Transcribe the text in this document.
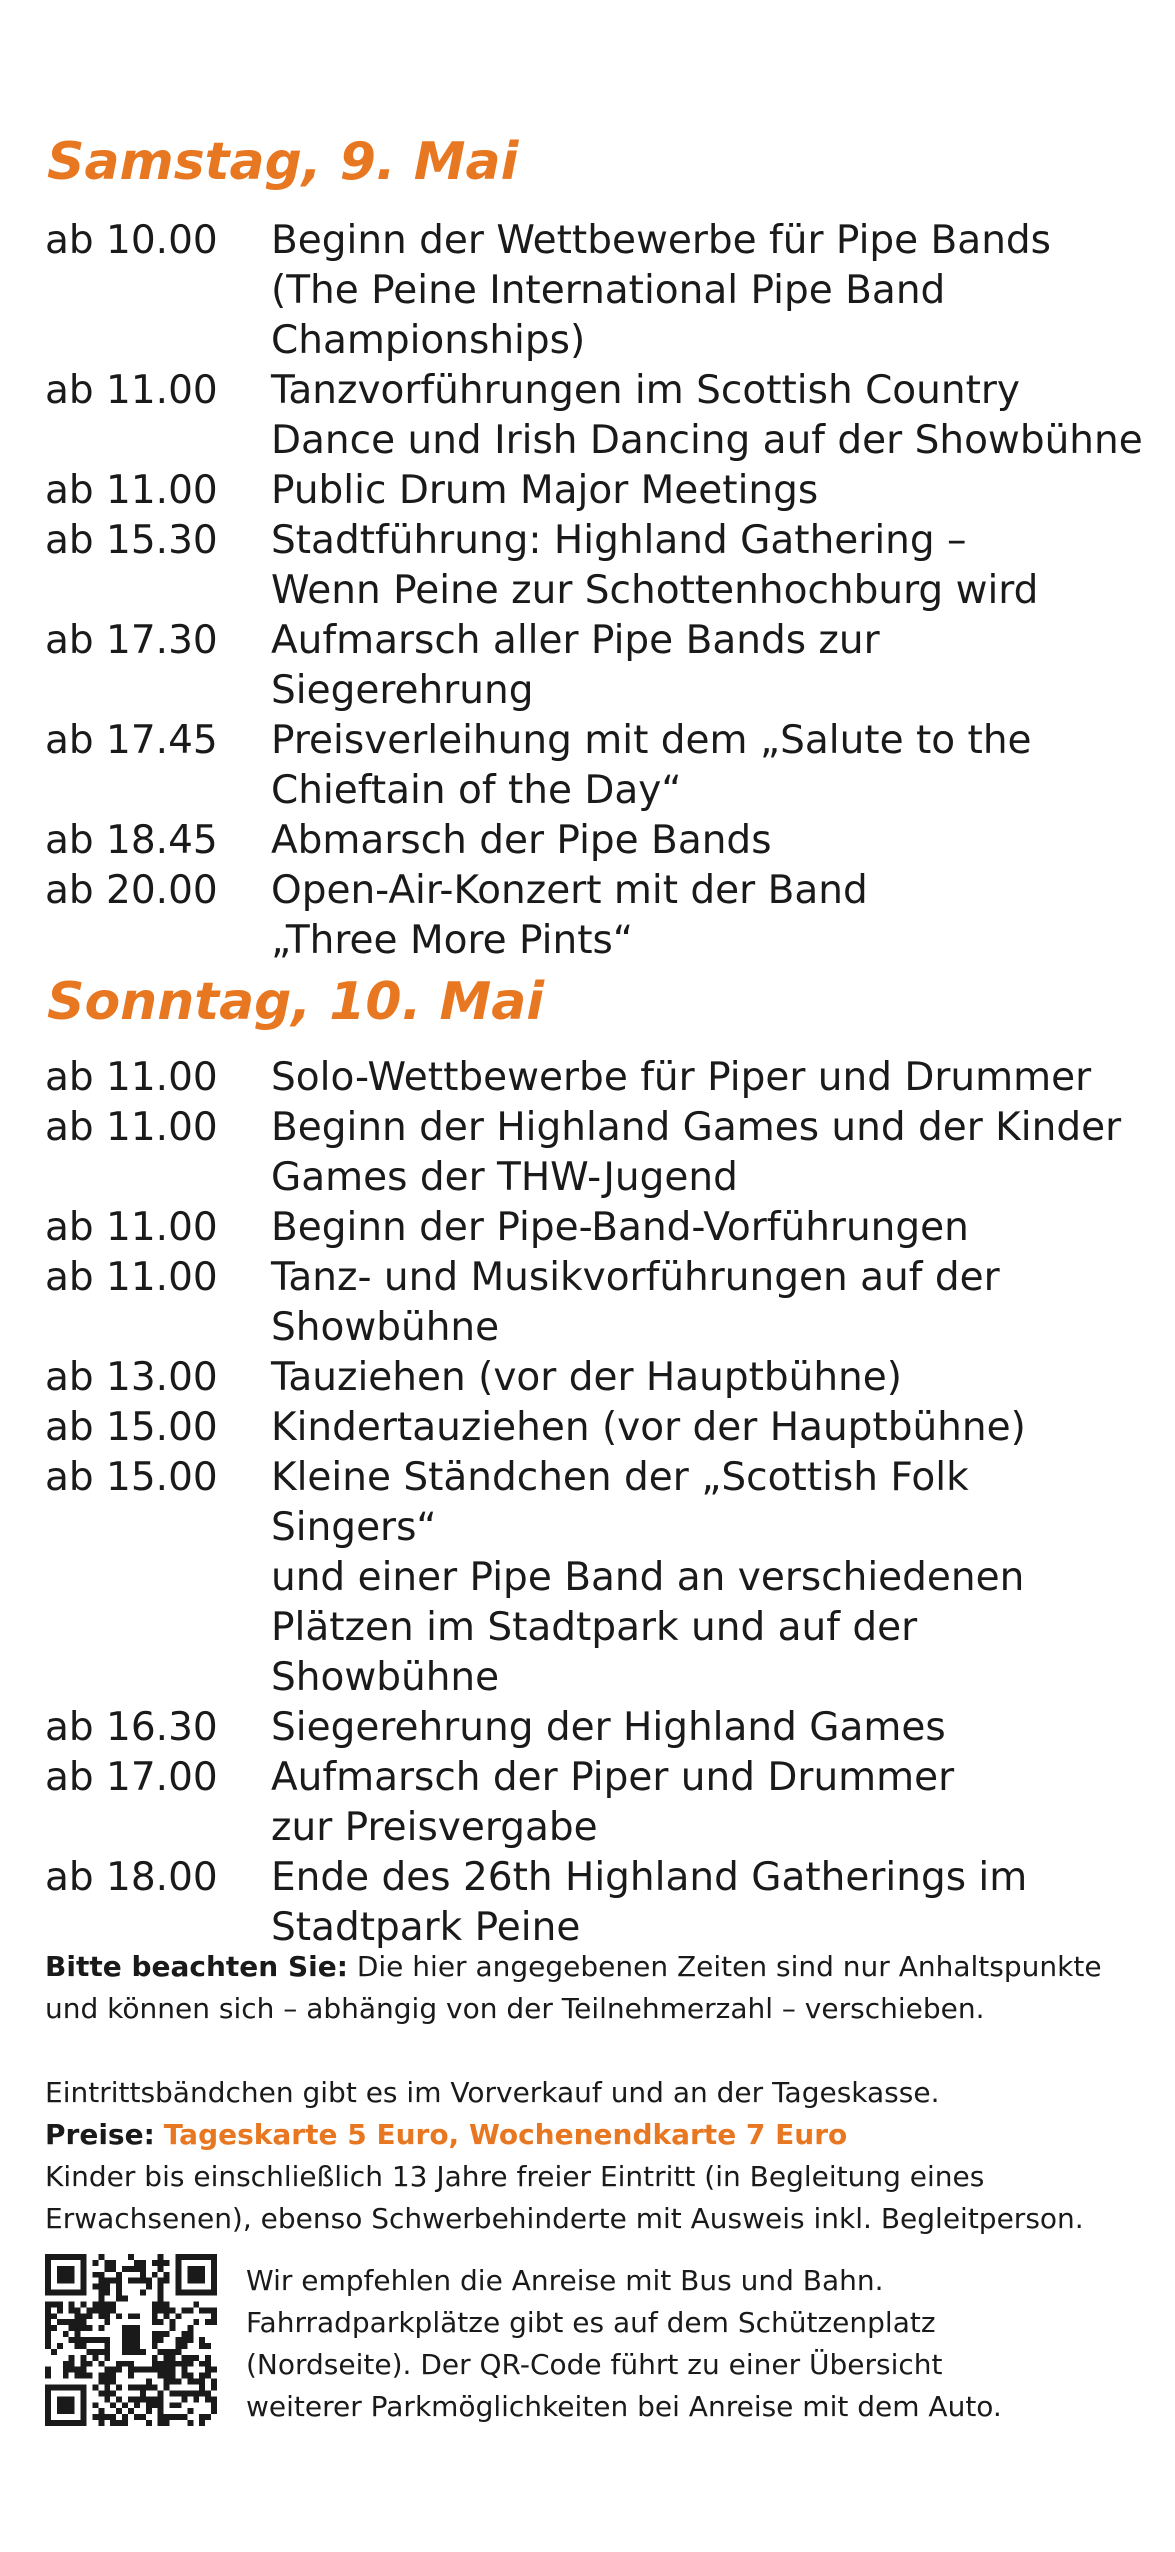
Samstag, 9. Mai
ab 10.00	Beginn der Wettbewerbe für Pipe Bands
(The Peine International Pipe Band
Championships)
ab 11.00	Tanzvorführungen im Scottish Country
Dance und Irish Dancing auf der Showbühne
ab 11.00	Public Drum Major Meetings
ab 15.30	Stadtführung: Highland Gathering –
Wenn Peine zur Schottenhochburg wird
ab 17.30	Aufmarsch aller Pipe Bands zur Siegerehrung
ab 17.45	Preisverleihung mit dem „Salute to the
Chieftain of the Day“
ab 18.45	Abmarsch der Pipe Bands
ab 20.00	Open-Air-Konzert mit der Band
„Three More Pints“
Sonntag, 10. Mai
ab 11.00	Solo-Wettbewerbe für Piper und Drummer
ab 11.00	Beginn der Highland Games und der Kinder
Games der THW-Jugend
ab 11.00	Beginn der Pipe-Band-Vorführungen
ab 11.00	Tanz- und Musikvorführungen auf der
Showbühne
ab 13.00	Tauziehen (vor der Hauptbühne)
ab 15.00	Kindertauziehen (vor der Hauptbühne)
ab 15.00	Kleine Ständchen der „Scottish Folk Singers“
und einer Pipe Band an verschiedenen
Plätzen im Stadtpark und auf der Showbühne
ab 16.30	Siegerehrung der Highland Games
ab 17.00	Aufmarsch der Piper und Drummer
zur Preisvergabe
ab 18.00	Ende des 26th Highland Gatherings im
Stadtpark Peine

Bitte beachten Sie: Die hier angegebenen Zeiten sind nur Anhaltspunkte und können sich – abhängig von der Teilnehmerzahl – verschieben.

Eintrittsbändchen gibt es im Vorverkauf und an der Tageskasse.

Preise: Tageskarte 5 Euro, Wochenendkarte 7 Euro

Kinder bis einschließlich 13 Jahre freier Eintritt (in Begleitung eines Erwachsenen), ebenso Schwerbehinderte mit Ausweis inkl. Begleitperson.

Wir empfehlen die Anreise mit Bus und Bahn.
Fahrradparkplätze gibt es auf dem Schützenplatz
(Nordseite). Der QR-Code führt zu einer Übersicht
weiterer Parkmöglichkeiten bei Anreise mit dem Auto.
